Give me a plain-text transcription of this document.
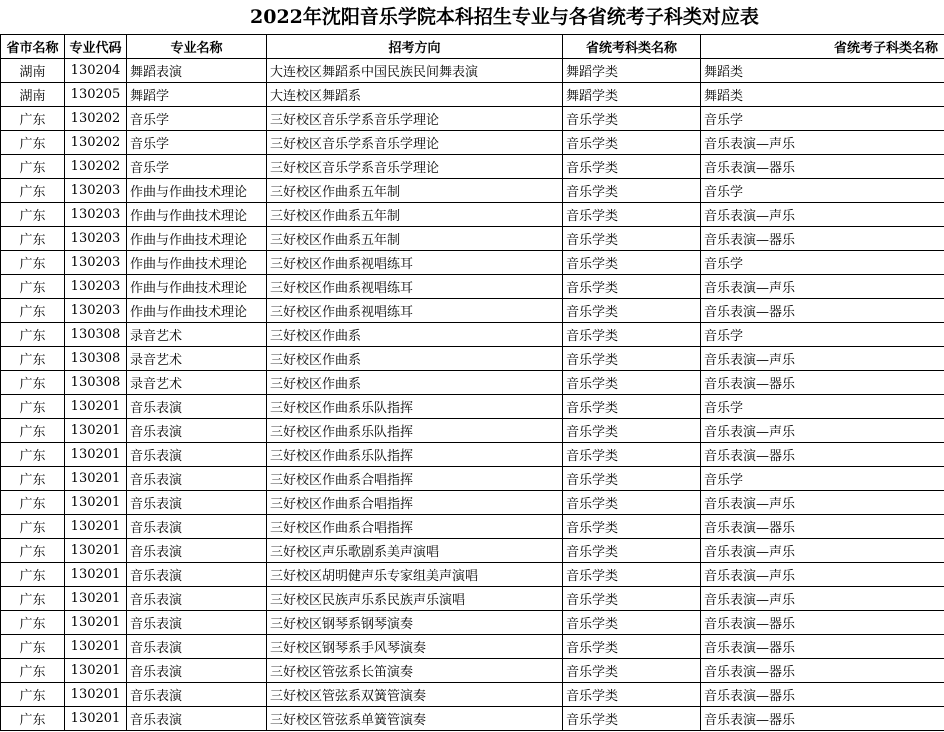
2022年沈阳音乐学院本科招生专业与各省统考子科类对应表
省市名称	专业代码	专业名称	招考方向	省统考科类名称	省统考子科类名称
湖南	130204	舞蹈表演	大连校区舞蹈系中国民族民间舞表演	舞蹈学类	舞蹈类
湖南	130205	舞蹈学	大连校区舞蹈系	舞蹈学类	舞蹈类
广东	130202	音乐学	三好校区音乐学系音乐学理论	音乐学类	音乐学
广东	130202	音乐学	三好校区音乐学系音乐学理论	音乐学类	音乐表演—声乐
广东	130202	音乐学	三好校区音乐学系音乐学理论	音乐学类	音乐表演—器乐
广东	130203	作曲与作曲技术理论	三好校区作曲系五年制	音乐学类	音乐学
广东	130203	作曲与作曲技术理论	三好校区作曲系五年制	音乐学类	音乐表演—声乐
广东	130203	作曲与作曲技术理论	三好校区作曲系五年制	音乐学类	音乐表演—器乐
广东	130203	作曲与作曲技术理论	三好校区作曲系视唱练耳	音乐学类	音乐学
广东	130203	作曲与作曲技术理论	三好校区作曲系视唱练耳	音乐学类	音乐表演—声乐
广东	130203	作曲与作曲技术理论	三好校区作曲系视唱练耳	音乐学类	音乐表演—器乐
广东	130308	录音艺术	三好校区作曲系	音乐学类	音乐学
广东	130308	录音艺术	三好校区作曲系	音乐学类	音乐表演—声乐
广东	130308	录音艺术	三好校区作曲系	音乐学类	音乐表演—器乐
广东	130201	音乐表演	三好校区作曲系乐队指挥	音乐学类	音乐学
广东	130201	音乐表演	三好校区作曲系乐队指挥	音乐学类	音乐表演—声乐
广东	130201	音乐表演	三好校区作曲系乐队指挥	音乐学类	音乐表演—器乐
广东	130201	音乐表演	三好校区作曲系合唱指挥	音乐学类	音乐学
广东	130201	音乐表演	三好校区作曲系合唱指挥	音乐学类	音乐表演—声乐
广东	130201	音乐表演	三好校区作曲系合唱指挥	音乐学类	音乐表演—器乐
广东	130201	音乐表演	三好校区声乐歌剧系美声演唱	音乐学类	音乐表演—声乐
广东	130201	音乐表演	三好校区胡明健声乐专家组美声演唱	音乐学类	音乐表演—声乐
广东	130201	音乐表演	三好校区民族声乐系民族声乐演唱	音乐学类	音乐表演—声乐
广东	130201	音乐表演	三好校区钢琴系钢琴演奏	音乐学类	音乐表演—器乐
广东	130201	音乐表演	三好校区钢琴系手风琴演奏	音乐学类	音乐表演—器乐
广东	130201	音乐表演	三好校区管弦系长笛演奏	音乐学类	音乐表演—器乐
广东	130201	音乐表演	三好校区管弦系双簧管演奏	音乐学类	音乐表演—器乐
广东	130201	音乐表演	三好校区管弦系单簧管演奏	音乐学类	音乐表演—器乐
